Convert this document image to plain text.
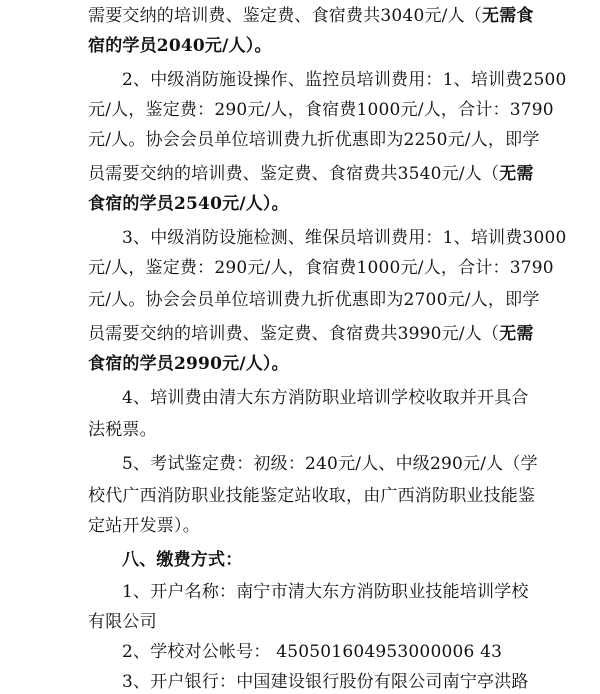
需要交纳的培训费、鉴定费、食宿费共3040元/人（无需食
宿的学员2040元/人）。
2、中级消防施设操作、监控员培训费用：1、培训费2500
元/人，鉴定费：290元/人，食宿费1000元/人，合计：3790
元/人。协会会员单位培训费九折优惠即为2250元/人，即学
员需要交纳的培训费、鉴定费、食宿费共3540元/人（无需
食宿的学员2540元/人）。
3、中级消防设施检测、维保员培训费用：1、培训费3000
元/人，鉴定费：290元/人，食宿费1000元/人，合计：3790
元/人。协会会员单位培训费九折优惠即为2700元/人，即学
员需要交纳的培训费、鉴定费、食宿费共3990元/人（无需
食宿的学员2990元/人）。
4、培训费由清大东方消防职业培训学校收取并开具合
法税票。
5、考试鉴定费：初级：240元/人、中级290元/人（学
校代广西消防职业技能鉴定站收取，由广西消防职业技能鉴
定站开发票）。
八、缴费方式：
1、开户名称：南宁市清大东方消防职业技能培训学校
有限公司
2、学校对公帐号： 450501604953000006 43
3、开户银行：中国建设银行股份有限公司南宁亭洪路
